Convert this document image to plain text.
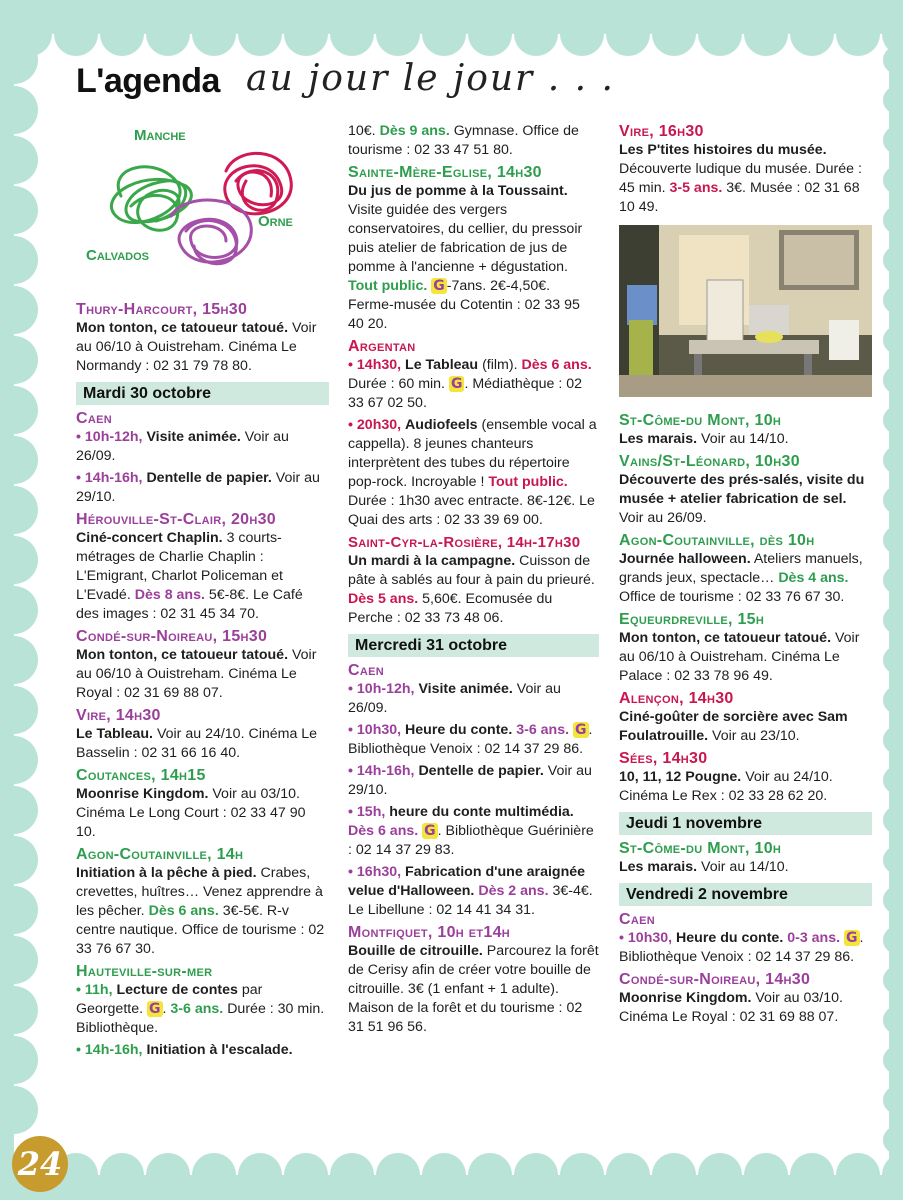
L'agenda au jour le jour . . .
Manche
Orne
Calvados
Thury-Harcourt, 15h30
Mon tonton, ce tatoueur tatoué. Voir au 06/10 à Ouistreham. Cinéma Le Normandy : 02 31 79 78 80.
Mardi 30 octobre
Caen
• 10h-12h, Visite animée. Voir au 26/09.
• 14h-16h, Dentelle de papier. Voir au 29/10.
Hérouville-St-Clair, 20h30
Ciné-concert Chaplin. 3 courts-métrages de Charlie Chaplin : L'Emigrant, Charlot Policeman et L'Evadé. Dès 8 ans. 5€-8€. Le Café des images : 02 31 45 34 70.
Condé-sur-Noireau, 15h30
Mon tonton, ce tatoueur tatoué. Voir au 06/10 à Ouistreham. Cinéma Le Royal : 02 31 69 88 07.
Vire, 14h30
Le Tableau. Voir au 24/10. Cinéma Le Basselin : 02 31 66 16 40.
Coutances, 14h15
Moonrise Kingdom. Voir au 03/10. Cinéma Le Long Court : 02 33 47 90 10.
Agon-Coutainville, 14h
Initiation à la pêche à pied. Crabes, crevettes, huîtres… Venez apprendre à les pêcher. Dès 6 ans. 3€-5€. R-v centre nautique. Office de tourisme : 02 33 76 67 30.
Hauteville-sur-mer
• 11h, Lecture de contes par Georgette. G . 3-6 ans. Durée : 30 min. Bibliothèque.
• 14h-16h, Initiation à l'escalade.
10€. Dès 9 ans. Gymnase. Office de tourisme : 02 33 47 51 80.
Sainte-Mère-Eglise, 14h30
Du jus de pomme à la Toussaint. Visite guidée des vergers conservatoires, du cellier, du pressoir puis atelier de fabrication de jus de pomme à l'ancienne + dégustation. Tout public. G -7ans. 2€-4,50€. Ferme-musée du Cotentin : 02 33 95 40 20.
Argentan
• 14h30, Le Tableau (film). Dès 6 ans. Durée : 60 min. G . Médiathèque : 02 33 67 02 50.
• 20h30, Audiofeels (ensemble vocal a cappella). 8 jeunes chanteurs interprètent des tubes du répertoire pop-rock. Incroyable ! Tout public. Durée : 1h30 avec entracte. 8€-12€. Le Quai des arts : 02 33 39 69 00.
Saint-Cyr-la-Rosière, 14h-17h30
Un mardi à la campagne. Cuisson de pâte à sablés au four à pain du prieuré. Dès 5 ans. 5,60€. Ecomusée du Perche : 02 33 73 48 06.
Mercredi 31 octobre
Caen
• 10h-12h, Visite animée. Voir au 26/09.
• 10h30, Heure du conte. 3-6 ans. G . Bibliothèque Venoix : 02 14 37 29 86.
• 14h-16h, Dentelle de papier. Voir au 29/10.
• 15h, heure du conte multimédia. Dès 6 ans. G . Bibliothèque Guérinière : 02 14 37 29 83.
• 16h30, Fabrication d'une araignée velue d'Halloween. Dès 2 ans. 3€-4€. Le Libellune : 02 14 41 34 31.
Montfiquet, 10h et14h
Bouille de citrouille. Parcourez la forêt de Cerisy afin de créer votre bouille de citrouille. 3€ (1 enfant + 1 adulte). Maison de la forêt et du tourisme : 02 31 51 96 56.
Vire, 16h30
Les P'tites histoires du musée. Découverte ludique du musée. Durée : 45 min. 3-5 ans. 3€. Musée : 02 31 68 10 49.
St-Côme-du Mont, 10h
Les marais. Voir au 14/10.
Vains/St-Léonard, 10h30
Découverte des prés-salés, visite du musée + atelier fabrication de sel. Voir au 26/09.
Agon-Coutainville, dès 10h
Journée halloween. Ateliers manuels, grands jeux, spectacle… Dès 4 ans. Office de tourisme : 02 33 76 67 30.
Equeurdreville, 15h
Mon tonton, ce tatoueur tatoué. Voir au 06/10 à Ouistreham. Cinéma Le Palace : 02 33 78 96 49.
Alençon, 14h30
Ciné-goûter de sorcière avec Sam Foulatrouille. Voir au 23/10.
Sées, 14h30
10, 11, 12 Pougne. Voir au 24/10. Cinéma Le Rex : 02 33 28 62 20.
Jeudi 1 novembre
St-Côme-du Mont, 10h
Les marais. Voir au 14/10.
Vendredi 2 novembre
Caen
• 10h30, Heure du conte. 0-3 ans. G . Bibliothèque Venoix : 02 14 37 29 86.
Condé-sur-Noireau, 14h30
Moonrise Kingdom. Voir au 03/10. Cinéma Le Royal : 02 31 69 88 07.
24
